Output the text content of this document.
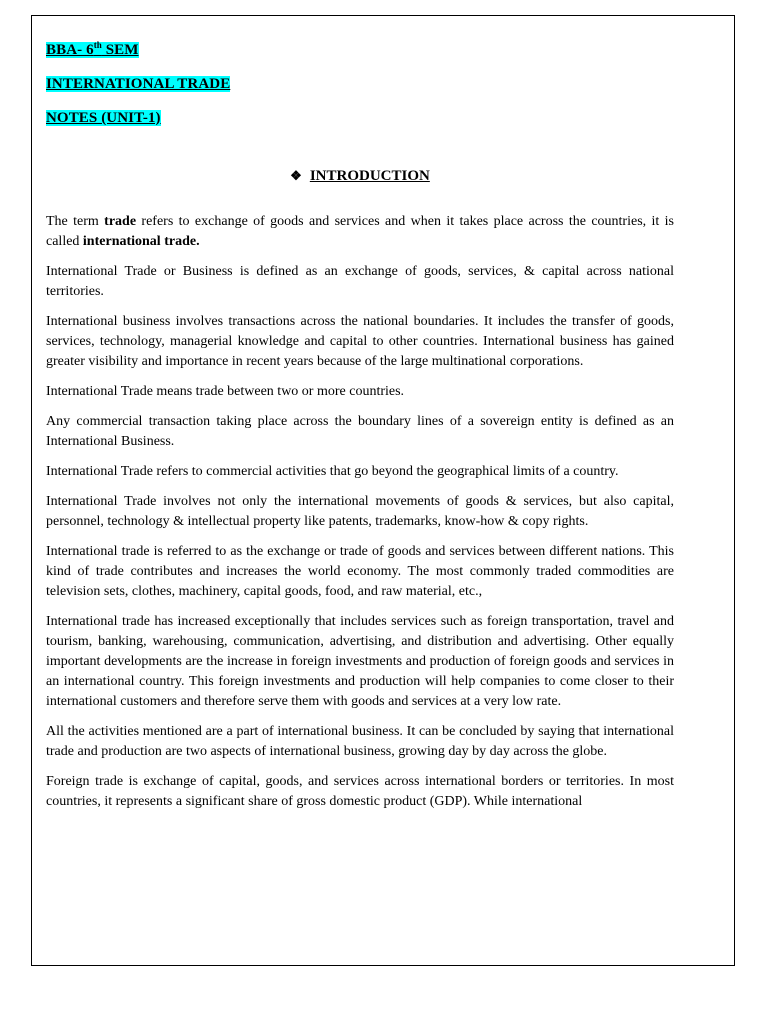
BBA- 6th SEM
INTERNATIONAL TRADE
NOTES (UNIT-1)
❖ INTRODUCTION

The term trade refers to exchange of goods and services and when it takes place across the countries, it is called international trade.

International Trade or Business is defined as an exchange of goods, services, & capital across national territories.

International business involves transactions across the national boundaries. It includes the transfer of goods, services, technology, managerial knowledge and capital to other countries. International business has gained greater visibility and importance in recent years because of the large multinational corporations.

International Trade means trade between two or more countries.

Any commercial transaction taking place across the boundary lines of a sovereign entity is defined as an International Business.

International Trade refers to commercial activities that go beyond the geographical limits of a country.

International Trade involves not only the international movements of goods & services, but also capital, personnel, technology & intellectual property like patents, trademarks, know-how & copy rights.

International trade is referred to as the exchange or trade of goods and services between different nations. This kind of trade contributes and increases the world economy. The most commonly traded commodities are television sets, clothes, machinery, capital goods, food, and raw material, etc.,

International trade has increased exceptionally that includes services such as foreign transportation, travel and tourism, banking, warehousing, communication, advertising, and distribution and advertising. Other equally important developments are the increase in foreign investments and production of foreign goods and services in an international country. This foreign investments and production will help companies to come closer to their international customers and therefore serve them with goods and services at a very low rate.

All the activities mentioned are a part of international business. It can be concluded by saying that international trade and production are two aspects of international business, growing day by day across the globe.

Foreign trade is exchange of capital, goods, and services across international borders or territories. In most countries, it represents a significant share of gross domestic product (GDP). While international
